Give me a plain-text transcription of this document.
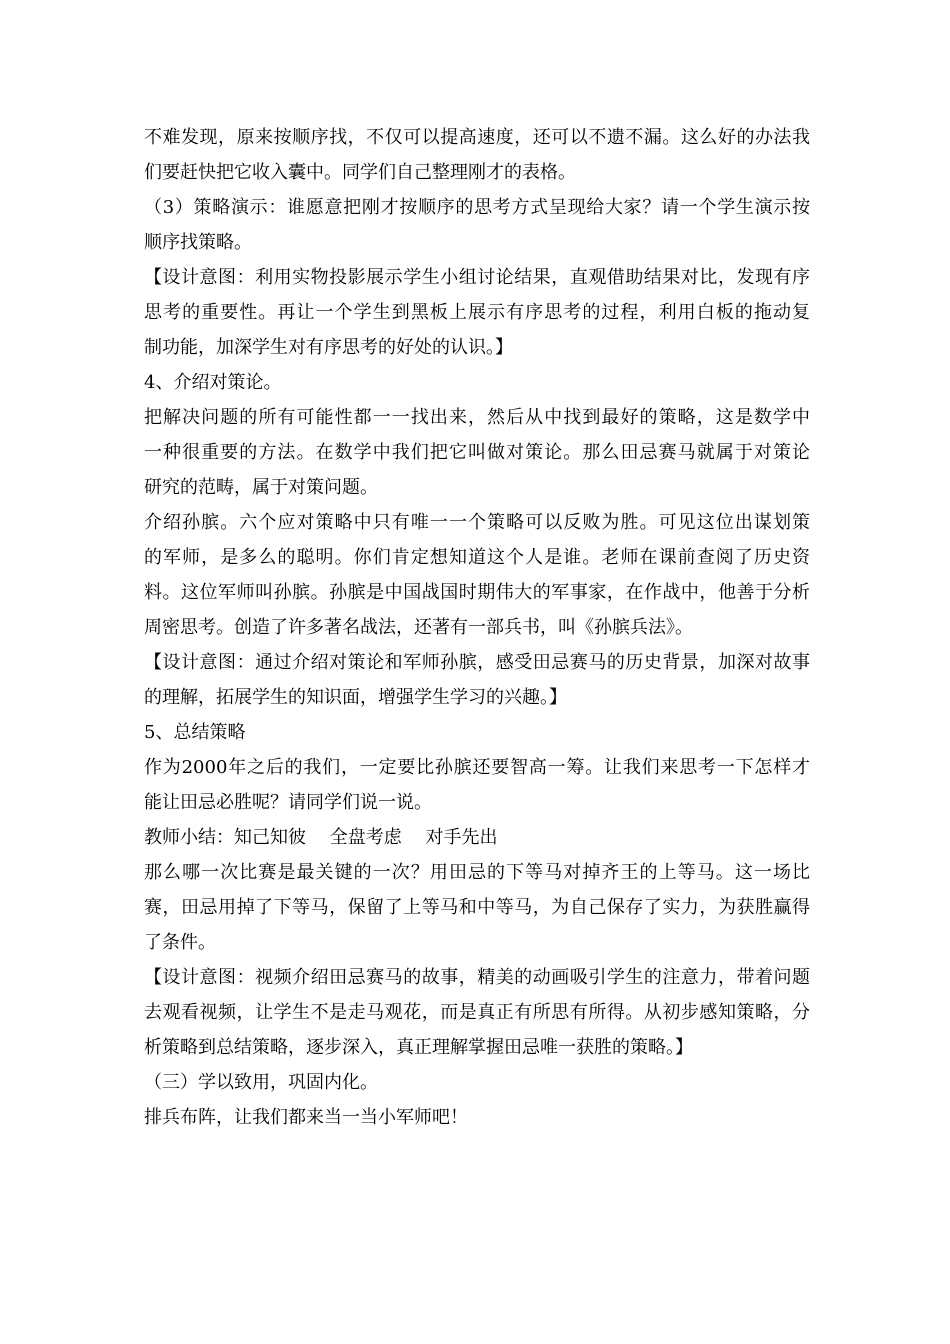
不难发现，原来按顺序找，不仅可以提高速度，还可以不遗不漏。这么好的办法我
们要赶快把它收入囊中。同学们自己整理刚才的表格。
（3）策略演示：谁愿意把刚才按顺序的思考方式呈现给大家？请一个学生演示按
顺序找策略。
【设计意图：利用实物投影展示学生小组讨论结果，直观借助结果对比，发现有序
思考的重要性。再让一个学生到黑板上展示有序思考的过程，利用白板的拖动复
制功能，加深学生对有序思考的好处的认识。】
4、介绍对策论。
把解决问题的所有可能性都一一找出来，然后从中找到最好的策略，这是数学中
一种很重要的方法。在数学中我们把它叫做对策论。那么田忌赛马就属于对策论
研究的范畴，属于对策问题。
介绍孙膑。六个应对策略中只有唯一一个策略可以反败为胜。可见这位出谋划策
的军师，是多么的聪明。你们肯定想知道这个人是谁。老师在课前查阅了历史资
料。这位军师叫孙膑。孙膑是中国战国时期伟大的军事家，在作战中，他善于分析
周密思考。创造了许多著名战法，还著有一部兵书，叫《孙膑兵法》。
【设计意图：通过介绍对策论和军师孙膑，感受田忌赛马的历史背景，加深对故事
的理解，拓展学生的知识面，增强学生学习的兴趣。】
5、总结策略
作为2000年之后的我们，一定要比孙膑还要智高一筹。让我们来思考一下怎样才
能让田忌必胜呢？请同学们说一说。
教师小结：知己知彼　 全盘考虑　 对手先出
那么哪一次比赛是最关键的一次？用田忌的下等马对掉齐王的上等马。这一场比
赛，田忌用掉了下等马，保留了上等马和中等马，为自己保存了实力，为获胜赢得
了条件。
【设计意图：视频介绍田忌赛马的故事，精美的动画吸引学生的注意力，带着问题
去观看视频，让学生不是走马观花，而是真正有所思有所得。从初步感知策略，分
析策略到总结策略，逐步深入，真正理解掌握田忌唯一获胜的策略。】
（三）学以致用，巩固内化。
排兵布阵，让我们都来当一当小军师吧！
